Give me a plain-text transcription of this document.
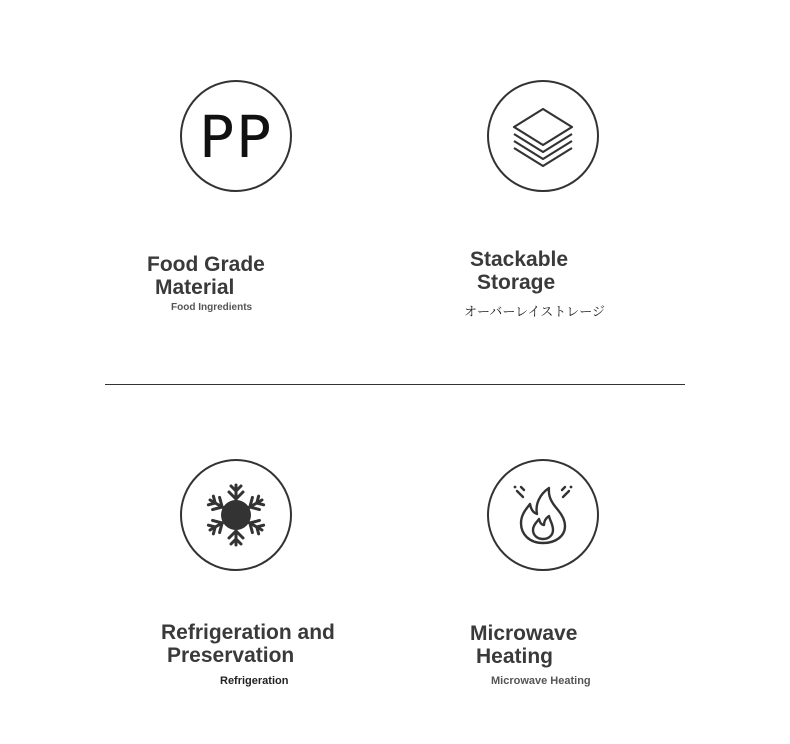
PP
Food Grade
Material
Food Ingredients
Stackable
Storage
オーバーレイストレージ
Refrigeration and
Preservation
Refrigeration
Microwave
Heating
Microwave Heating
